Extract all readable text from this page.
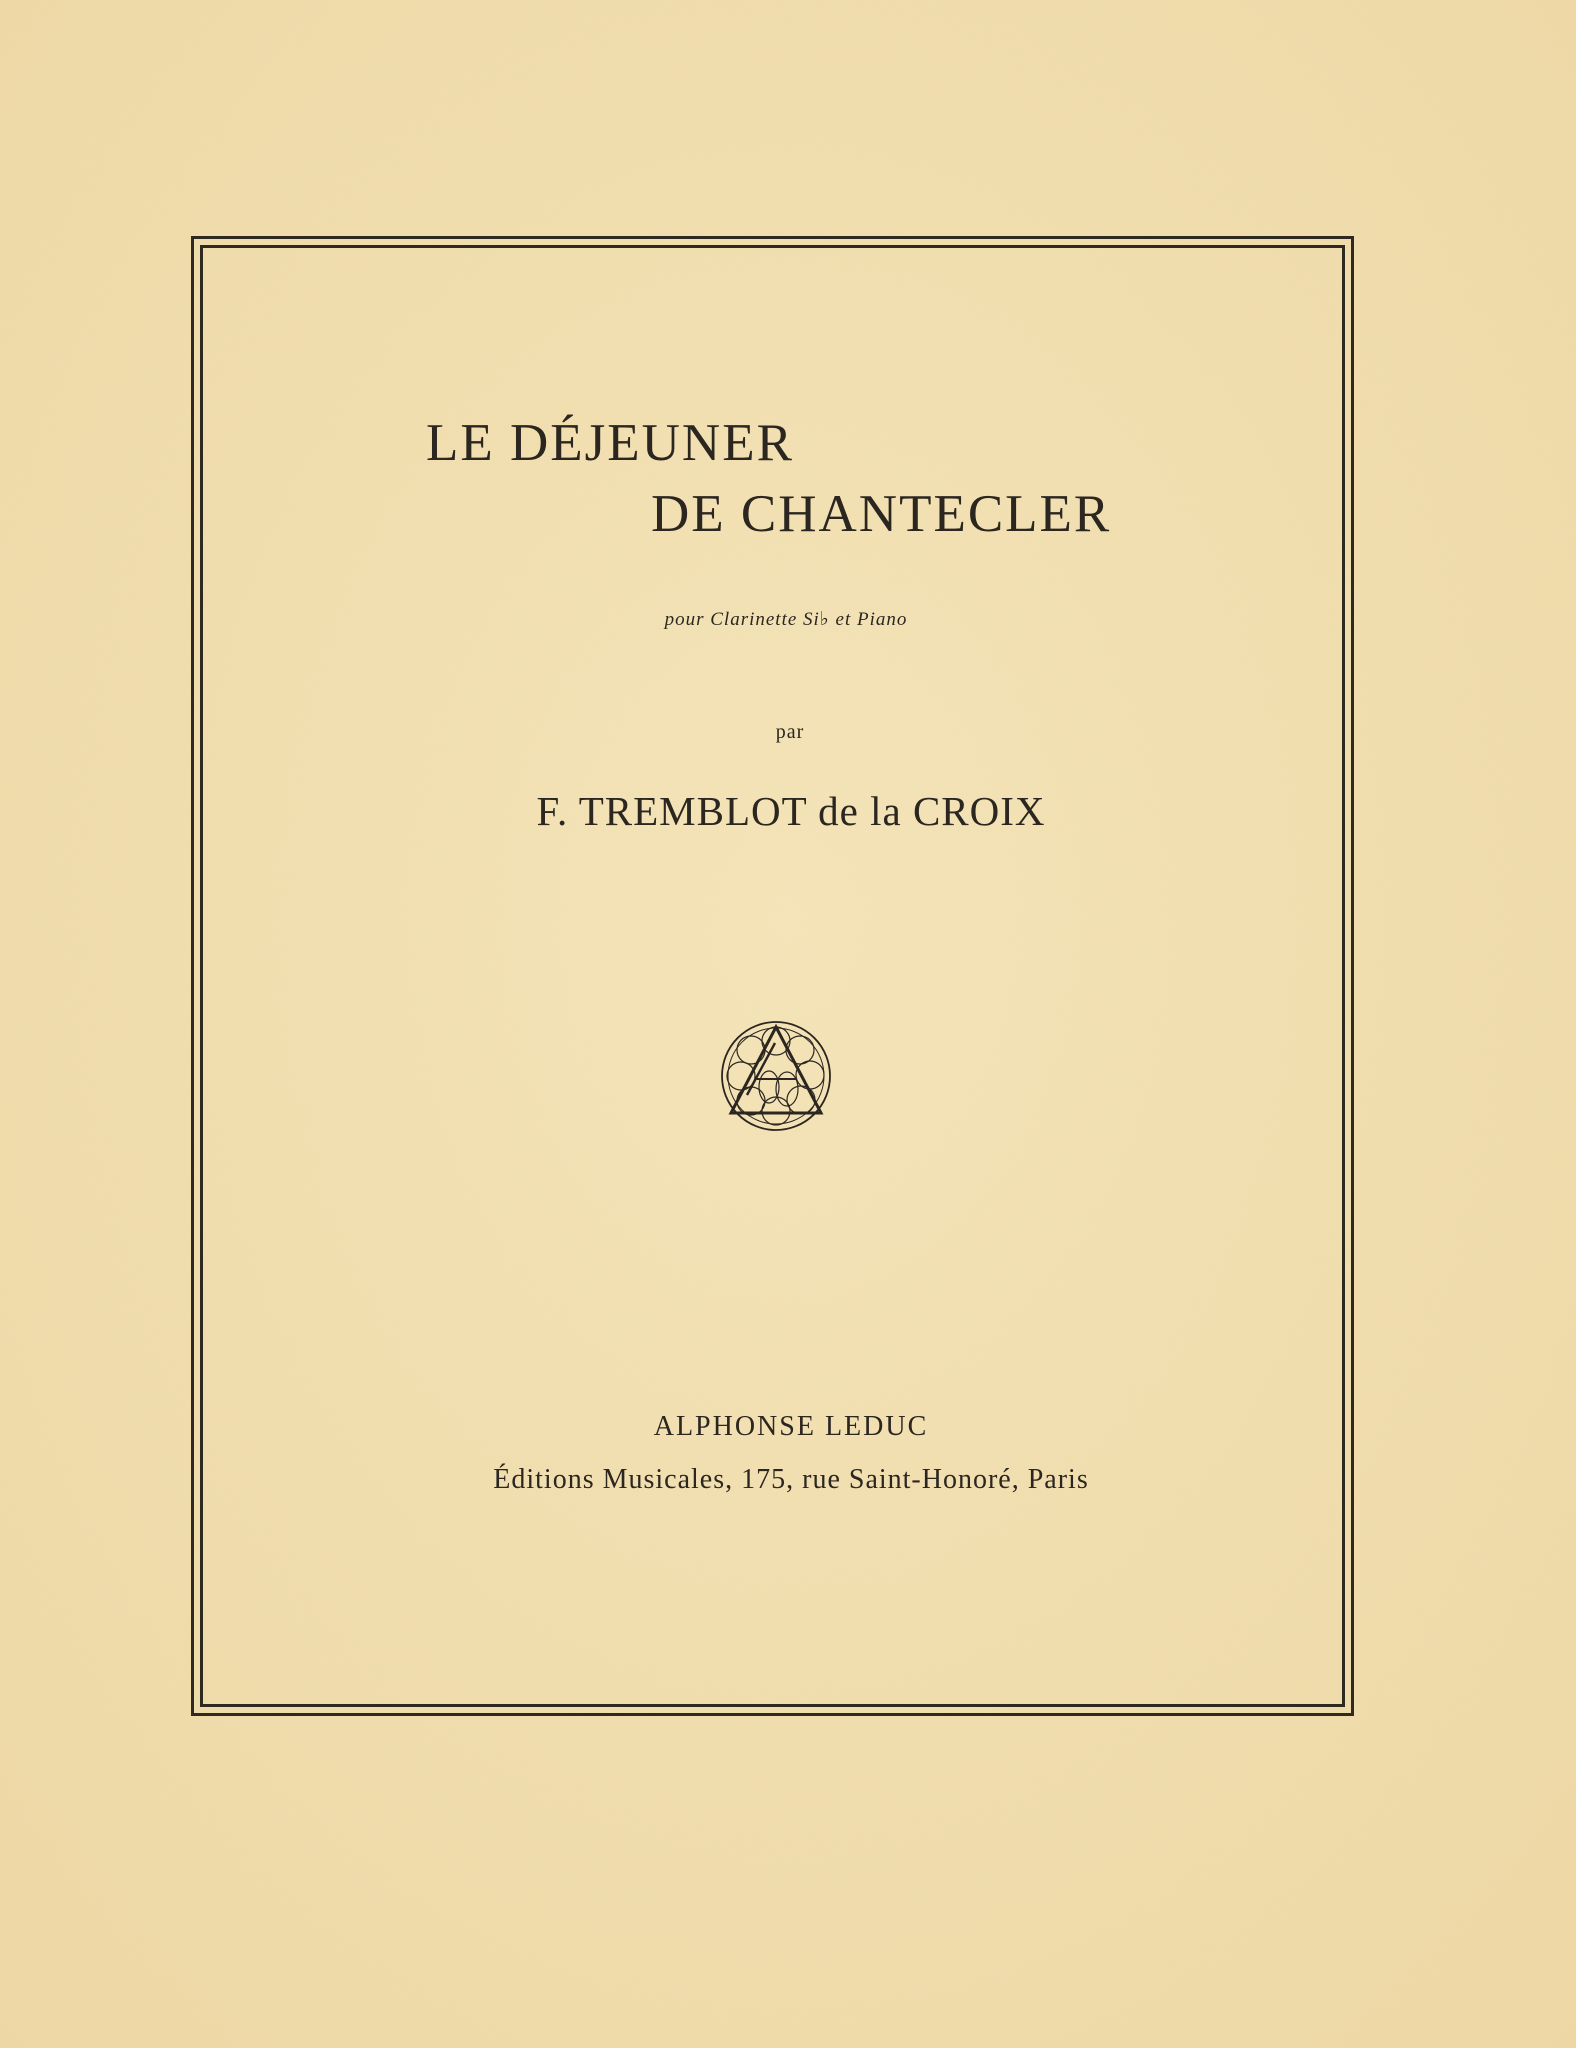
LE DÉJEUNER
DE CHANTECLER
pour Clarinette Si♭ et Piano
par
F. TREMBLOT de la CROIX
ALPHONSE LEDUC
Éditions Musicales, 175, rue Saint-Honoré, Paris
